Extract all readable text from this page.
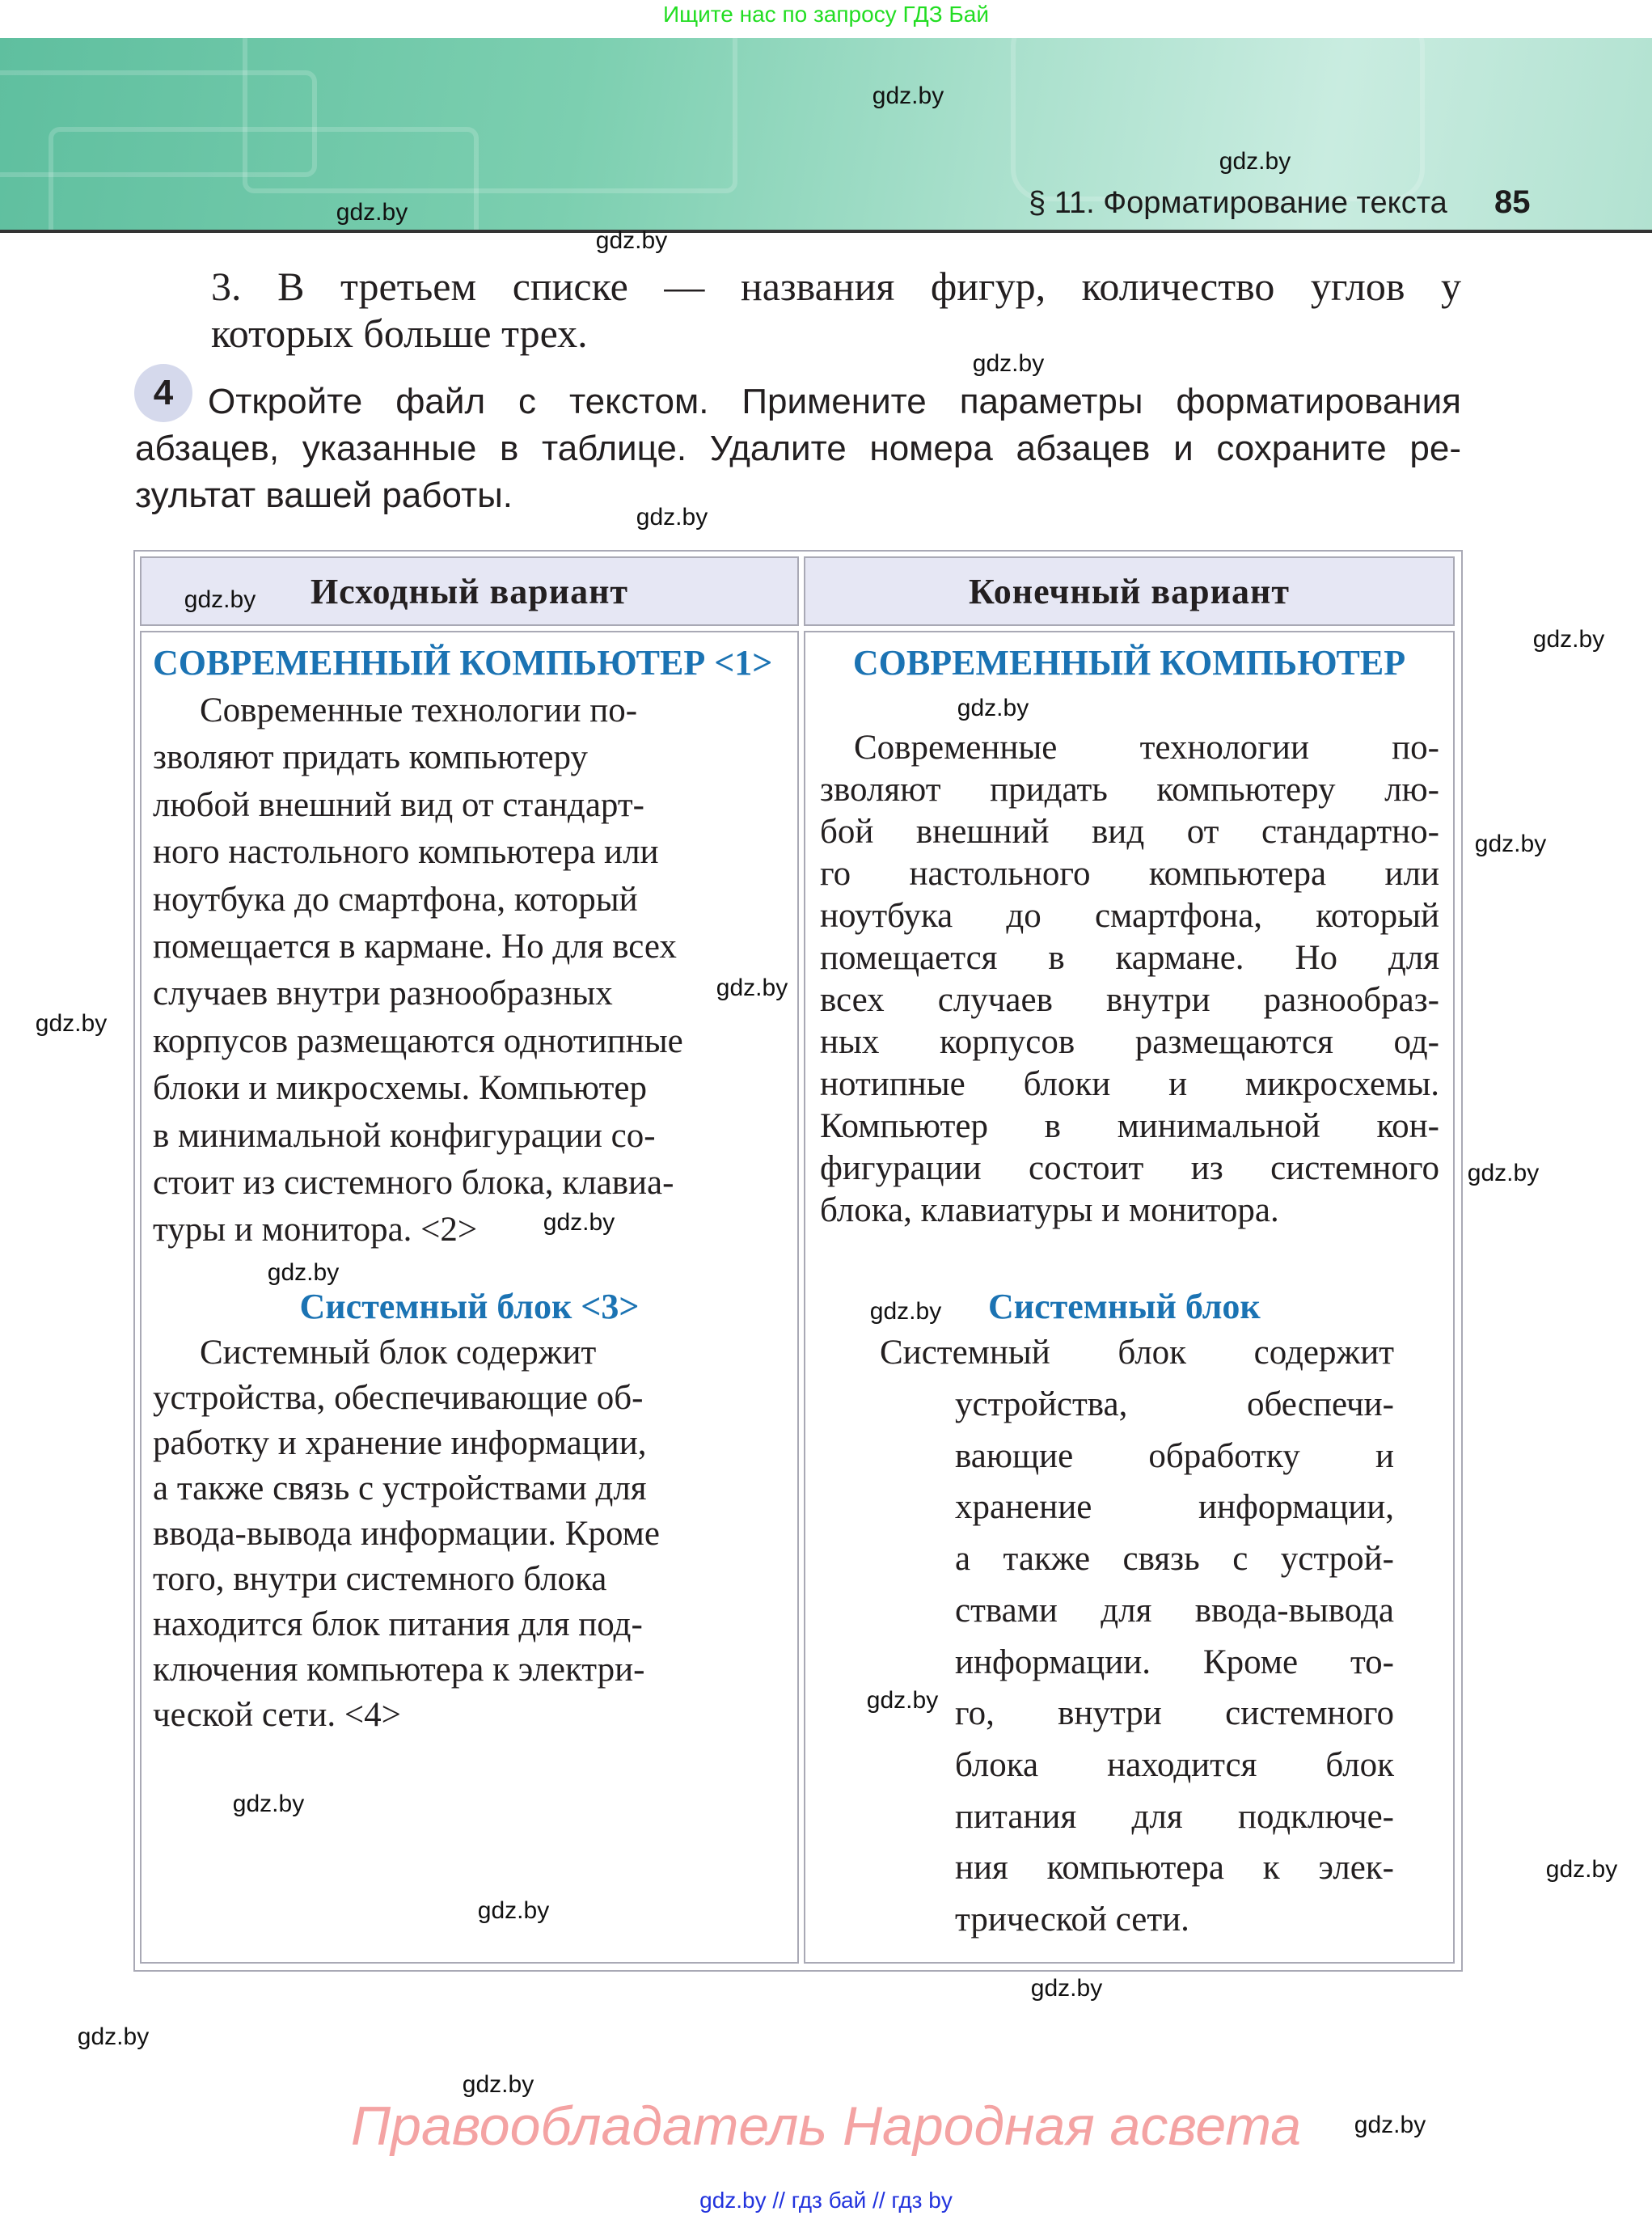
Ищите нас по запросу ГДЗ Бай
§ 11. Форматирование текста 85
3. В третьем списке — названия фигур, количество углов у
которых больше трех.
4 Откройте файл с текстом. Примените параметры форматирования
абзацев, указанные в таблице. Удалите номера абзацев и сохраните ре-
зультат вашей работы.
Исходный вариант	Конечный вариант
СОВРЕМЕННЫЙ КОМПЬЮТЕР <1>
Современные технологии по-
зволяют придать компьютеру
любой внешний вид от стандарт-
ного настольного компьютера или
ноутбука до смартфона, который
помещается в кармане. Но для всех
случаев внутри разнообразных
корпусов размещаются однотипные
блоки и микросхемы. Компьютер
в минимальной конфигурации со-
стоит из системного блока, клавиа-
туры и монитора. <2>
Системный блок <3>
Системный блок содержит
устройства, обеспечивающие об-
работку и хранение информации,
а также связь с устройствами для
ввода-вывода информации. Кроме
того, внутри системного блока
находится блок питания для под-
ключения компьютера к электри-
ческой сети. <4>
СОВРЕМЕННЫЙ КОМПЬЮТЕР
Современные технологии по-
зволяют придать компьютеру лю-
бой внешний вид от стандартно-
го настольного компьютера или
ноутбука до смартфона, который
помещается в кармане. Но для
всех случаев внутри разнообраз-
ных корпусов размещаются од-
нотипные блоки и микросхемы.
Компьютер в минимальной кон-
фигурации состоит из системного
блока, клавиатуры и монитора.
Системный блок
Системный блок содержит
устройства, обеспечи-
вающие обработку и
хранение информации,
а также связь с устрой-
ствами для ввода-вывода
информации. Кроме то-
го, внутри системного
блока находится блок
питания для подключе-
ния компьютера к элек-
трической сети.
gdz.by
gdz.by
gdz.by
gdz.by
gdz.by
gdz.by
gdz.by
gdz.by
gdz.by
gdz.by
gdz.by
gdz.by
gdz.by
gdz.by
gdz.by
gdz.by
gdz.by
gdz.by
gdz.by
gdz.by
gdz.by
gdz.by
gdz.by
gdz.by
Правообладатель Народная асвета
gdz.by // гдз бай // гдз by
